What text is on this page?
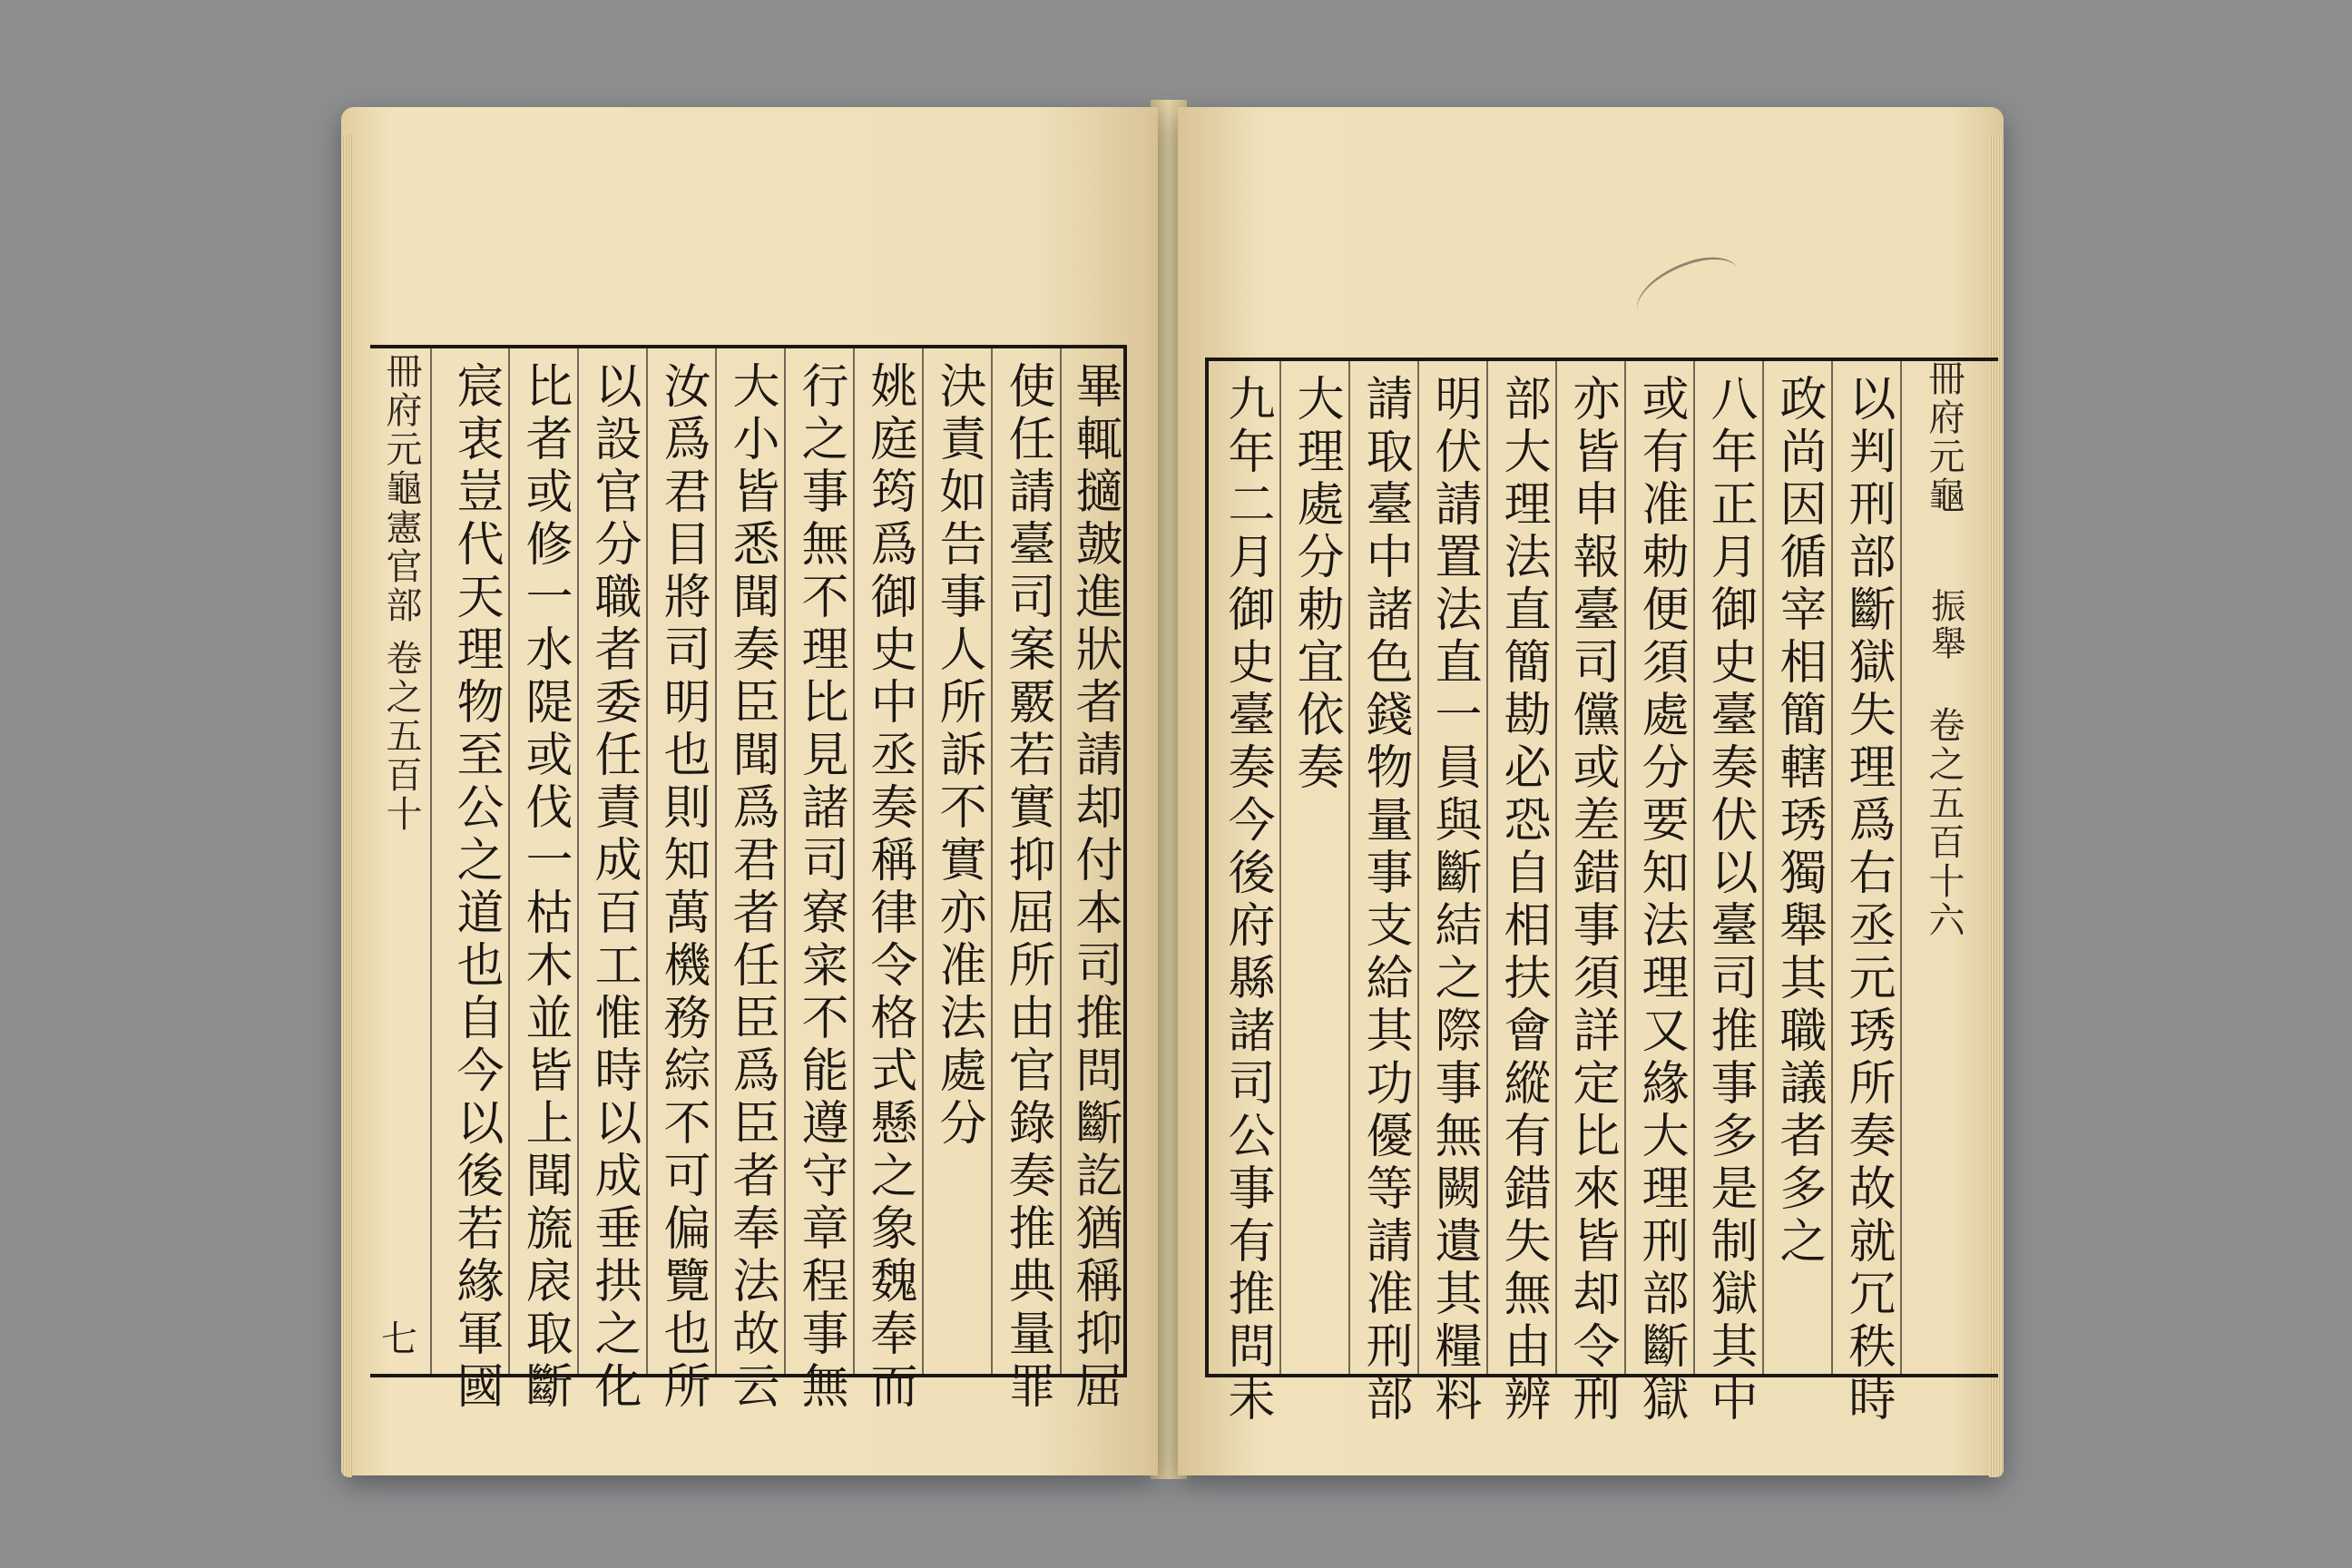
冊府元龜憲官部
卷之五百十
七 宸衷豈代天理物至公之道也自今以後若緣軍國 比者或修一水隄或伐一枯木並皆上聞旒扆取斷 以設官分職者委任責成百工惟時以成垂拱之化 汝爲君目將司明也則知萬機務綜不可偏覽也所 大小皆悉聞奏臣聞爲君者任臣爲臣者奉法故云 行之事無不理比見諸司寮寀不能遵守章程事無 姚庭筠爲御史中丞奏稱律令格式懸之象魏奉而 決責如告事人所訴不實亦准法處分 使任請臺司案覈若實抑屈所由官錄奏推典量罪 畢輒擿皷進狀者請却付本司推問斷訖猶稱抑屈 九年二月御史臺奏今後府縣諸司公事有推問未 大理處分勅宜依奏 請取臺中諸色錢物量事支給其功優等請准刑部 明伏請置法直一員與斷結之際事無闕遺其糧料 部大理法直簡勘必恐自相扶會縱有錯失無由辨 亦皆申報臺司儻或差錯事須詳定比來皆却令刑 或有准勅便須處分要知法理又緣大理刑部斷獄 八年正月御史臺奏伏以臺司推事多是制獄其中 政尚因循宰相簡轄琇獨舉其職議者多之 以判刑部斷獄失理爲右丞元琇所奏故就冗秩時 冊府元龜
振舉
卷之五百十六
